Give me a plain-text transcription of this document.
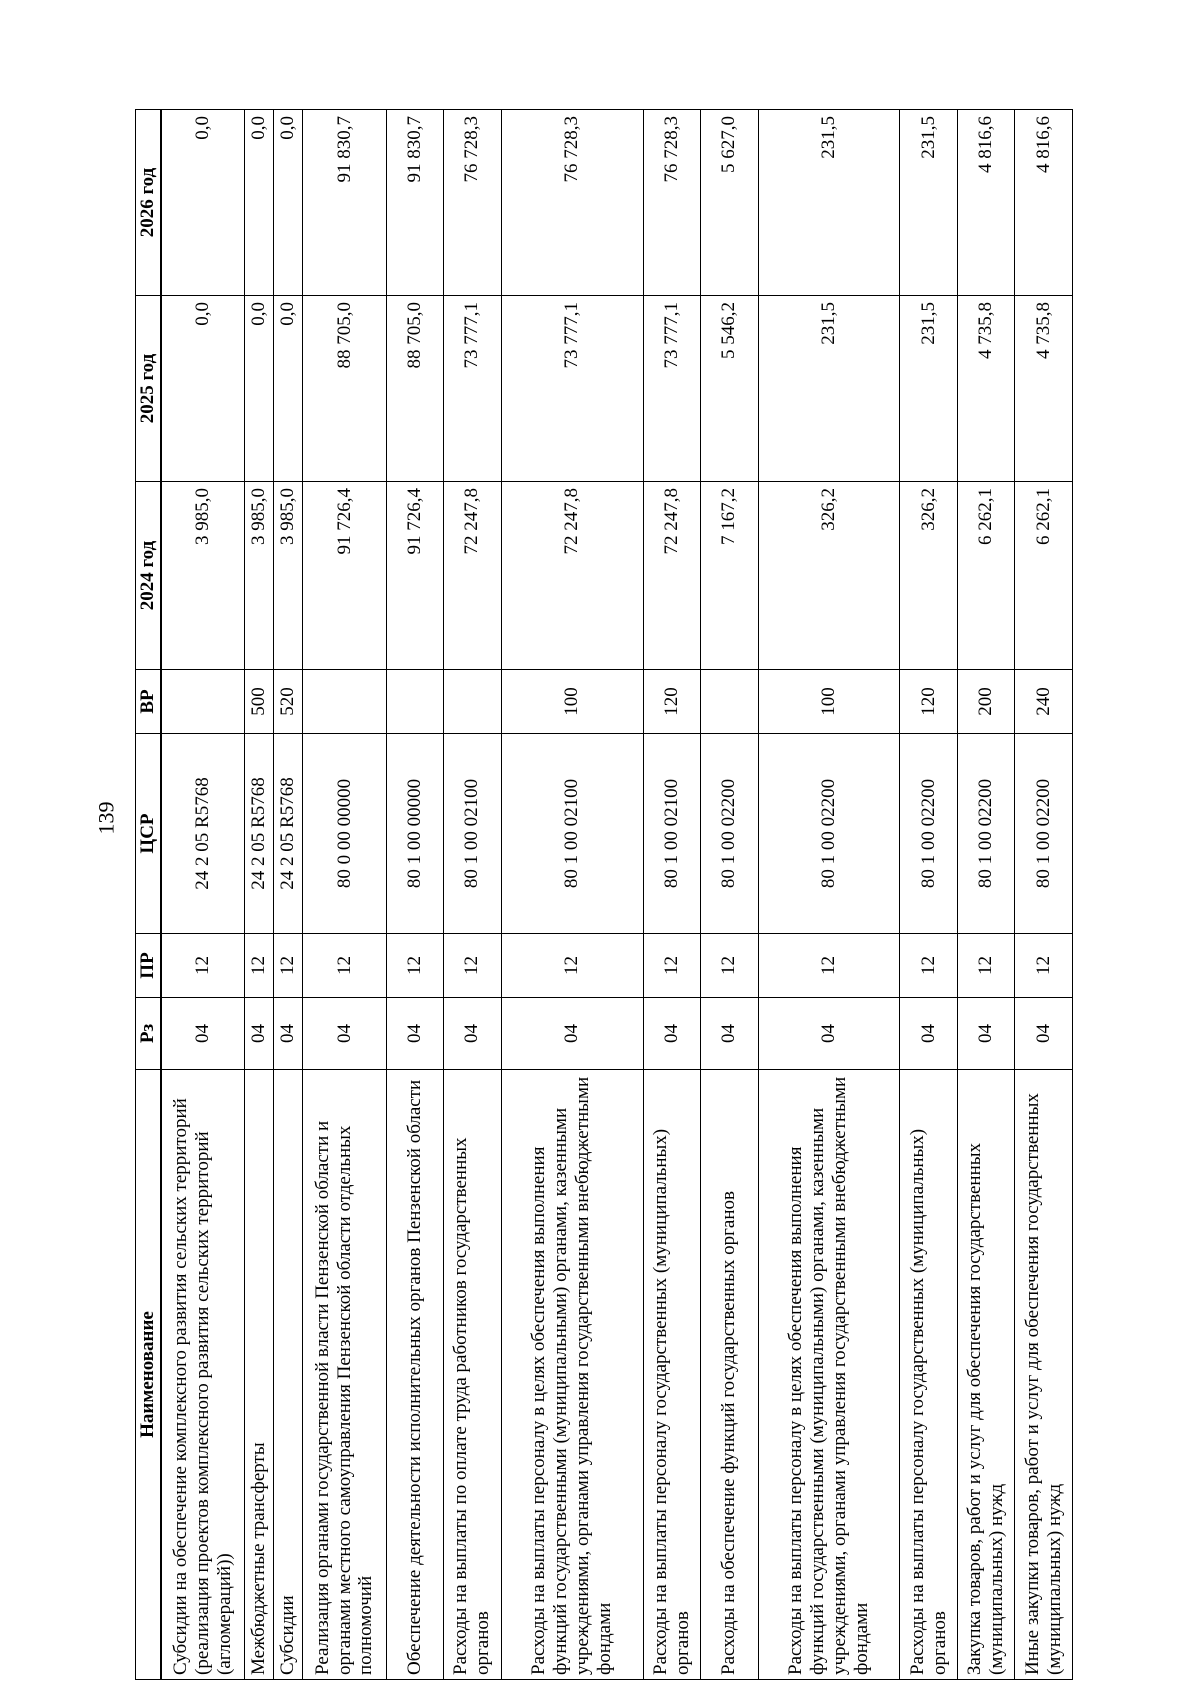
139
Наименование	Рз	ПР	ЦСР	ВР	2024 год	2025 год	2026 год
Субсидии на обеспечение комплексного развития сельских территорий (реализация проектов комплексного развития сельских территорий (агломераций))	04	12	24 2 05 R5768		3 985,0	0,0	0,0
Межбюджетные трансферты	04	12	24 2 05 R5768	500	3 985,0	0,0	0,0
Субсидии	04	12	24 2 05 R5768	520	3 985,0	0,0	0,0
Реализация органами государственной власти Пензенской области и органами местного самоуправления Пензенской области отдельных полномочий	04	12	80 0 00 00000		91 726,4	88 705,0	91 830,7
Обеспечение деятельности исполнительных органов Пензенской области	04	12	80 1 00 00000		91 726,4	88 705,0	91 830,7
Расходы на выплаты по оплате труда работников государственных органов	04	12	80 1 00 02100		72 247,8	73 777,1	76 728,3
Расходы на выплаты персоналу в целях обеспечения выполнения функций государственными (муниципальными) органами, казенными учреждениями, органами управления государственными внебюджетными фондами	04	12	80 1 00 02100	100	72 247,8	73 777,1	76 728,3
Расходы на выплаты персоналу государственных (муниципальных) органов	04	12	80 1 00 02100	120	72 247,8	73 777,1	76 728,3
Расходы на обеспечение функций государственных органов	04	12	80 1 00 02200		7 167,2	5 546,2	5 627,0
Расходы на выплаты персоналу в целях обеспечения выполнения функций государственными (муниципальными) органами, казенными учреждениями, органами управления государственными внебюджетными фондами	04	12	80 1 00 02200	100	326,2	231,5	231,5
Расходы на выплаты персоналу государственных (муниципальных) органов	04	12	80 1 00 02200	120	326,2	231,5	231,5
Закупка товаров, работ и услуг для обеспечения государственных (муниципальных) нужд	04	12	80 1 00 02200	200	6 262,1	4 735,8	4 816,6
Иные закупки товаров, работ и услуг для обеспечения государственных (муниципальных) нужд	04	12	80 1 00 02200	240	6 262,1	4 735,8	4 816,6
